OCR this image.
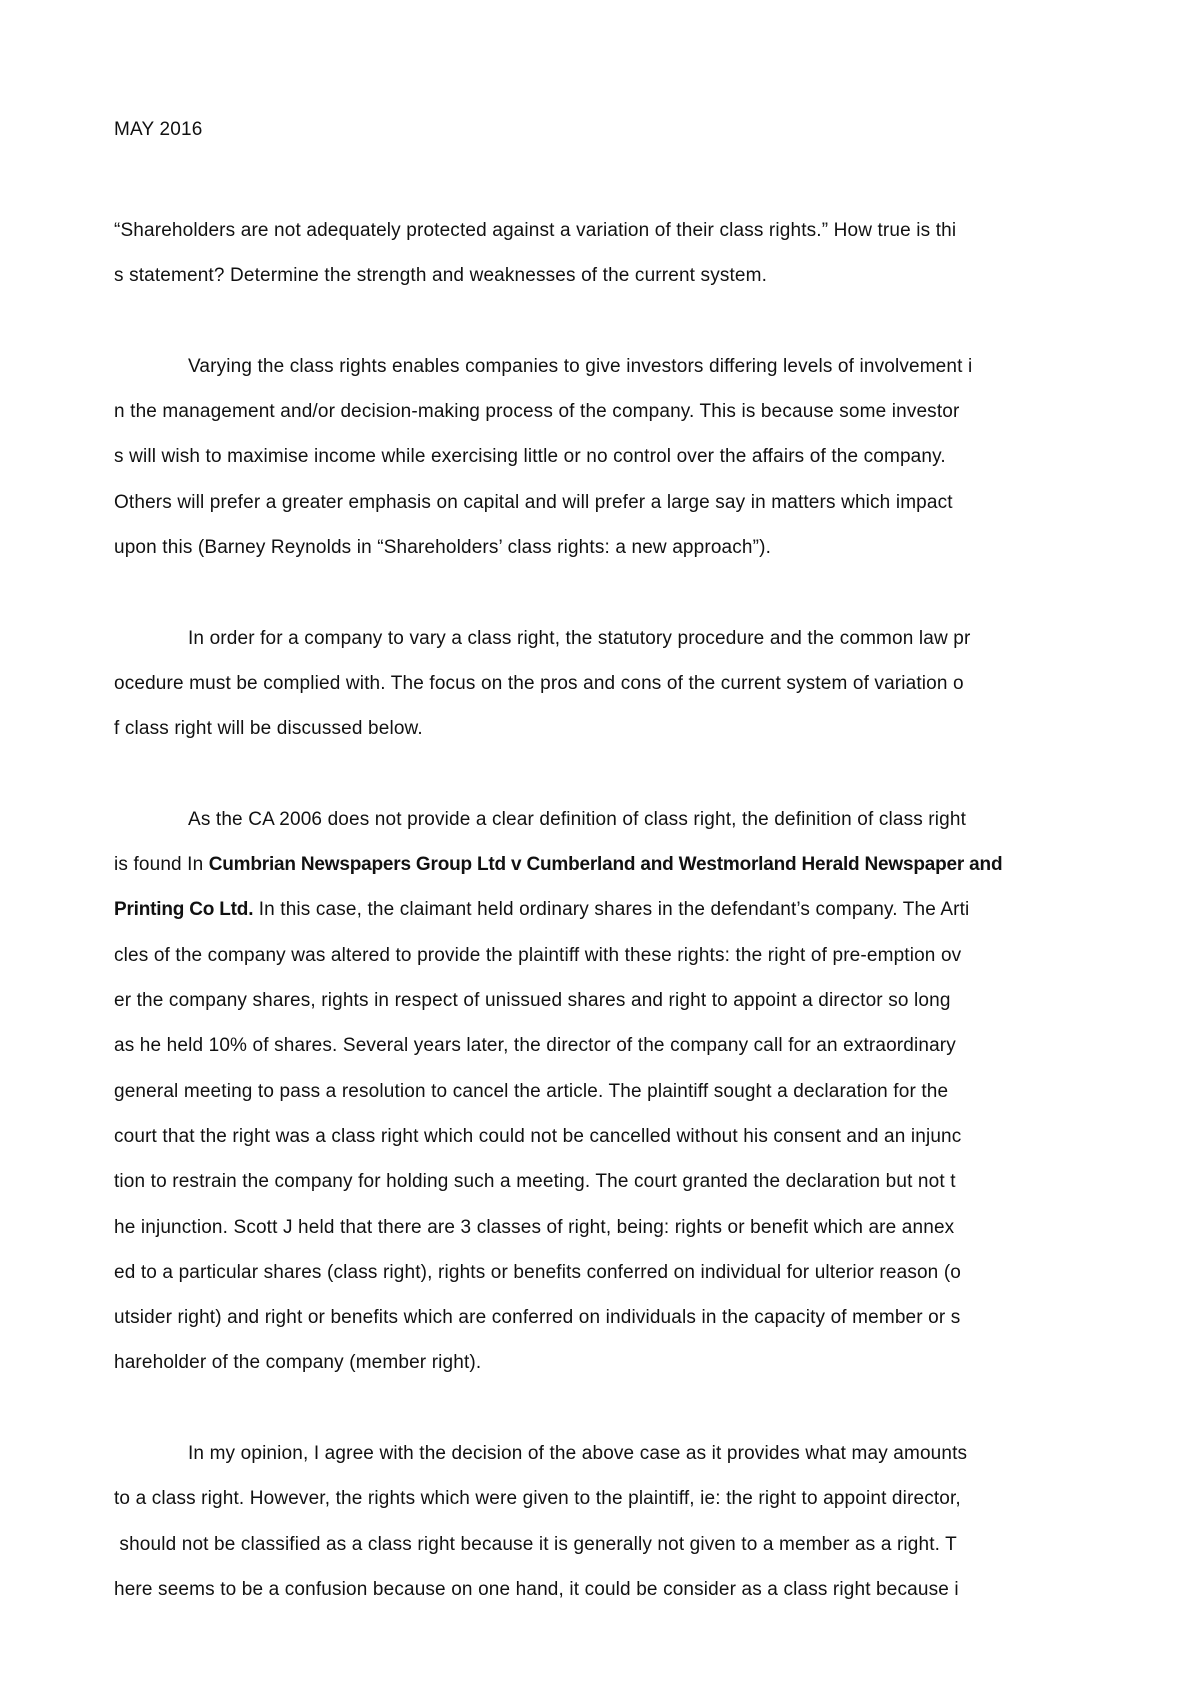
MAY 2016
“Shareholders are not adequately protected against a variation of their class rights.” How true is thi
s statement? Determine the strength and weaknesses of the current system.
Varying the class rights enables companies to give investors differing levels of involvement i
n the management and/or decision-making process of the company. This is because some investor
s will wish to maximise income while exercising little or no control over the affairs of the company.
Others will prefer a greater emphasis on capital and will prefer a large say in matters which impact
upon this (Barney Reynolds in “Shareholders’ class rights: a new approach”).
In order for a company to vary a class right, the statutory procedure and the common law pr
ocedure must be complied with. The focus on the pros and cons of the current system of variation o
f class right will be discussed below.
As the CA 2006 does not provide a clear definition of class right, the definition of class right
is found In Cumbrian Newspapers Group Ltd v Cumberland and Westmorland Herald Newspaper and
Printing Co Ltd. In this case, the claimant held ordinary shares in the defendant’s company. The Arti
cles of the company was altered to provide the plaintiff with these rights: the right of pre-emption ov
er the company shares, rights in respect of unissued shares and right to appoint a director so long
as he held 10% of shares. Several years later, the director of the company call for an extraordinary
general meeting to pass a resolution to cancel the article. The plaintiff sought a declaration for the
court that the right was a class right which could not be cancelled without his consent and an injunc
tion to restrain the company for holding such a meeting. The court granted the declaration but not t
he injunction. Scott J held that there are 3 classes of right, being: rights or benefit which are annex
ed to a particular shares (class right), rights or benefits conferred on individual for ulterior reason (o
utsider right) and right or benefits which are conferred on individuals in the capacity of member or s
hareholder of the company (member right).
In my opinion, I agree with the decision of the above case as it provides what may amounts
to a class right. However, the rights which were given to the plaintiff, ie: the right to appoint director,
should not be classified as a class right because it is generally not given to a member as a right. T
here seems to be a confusion because on one hand, it could be consider as a class right because i
